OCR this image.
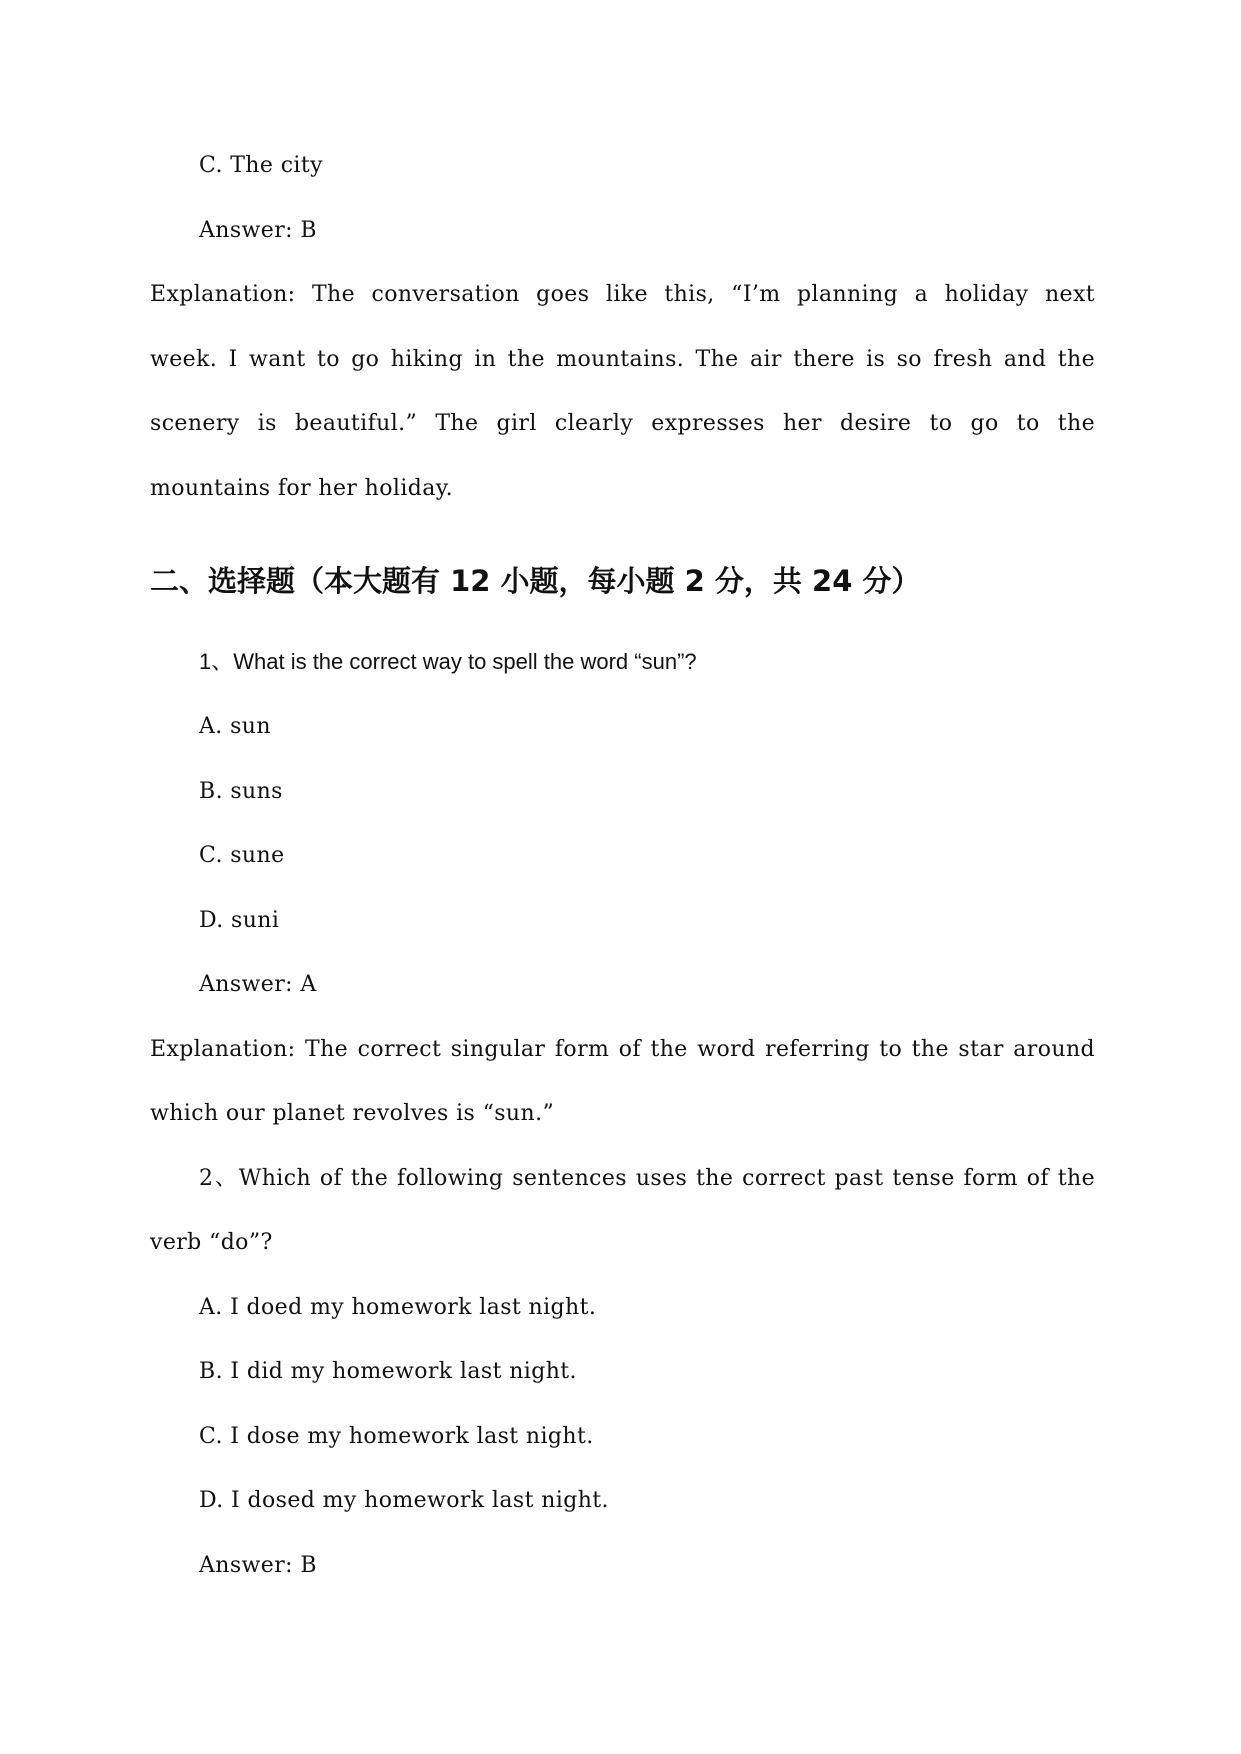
C. The city
Answer: B
Explanation: The conversation goes like this, “I’m planning a holiday next
week. I want to go hiking in the mountains. The air there is so fresh and the
scenery is beautiful.” The girl clearly expresses her desire to go to the
mountains for her holiday.
二、选择题（本大题有 12 小题，每小题 2 分，共 24 分）
1、What is the correct way to spell the word “sun”?
A. sun
B. suns
C. sune
D. suni
Answer: A
Explanation: The correct singular form of the word referring to the star around
which our planet revolves is “sun.”
2、Which of the following sentences uses the correct past tense form of the
verb “do”?
A. I doed my homework last night.
B. I did my homework last night.
C. I dose my homework last night.
D. I dosed my homework last night.
Answer: B
